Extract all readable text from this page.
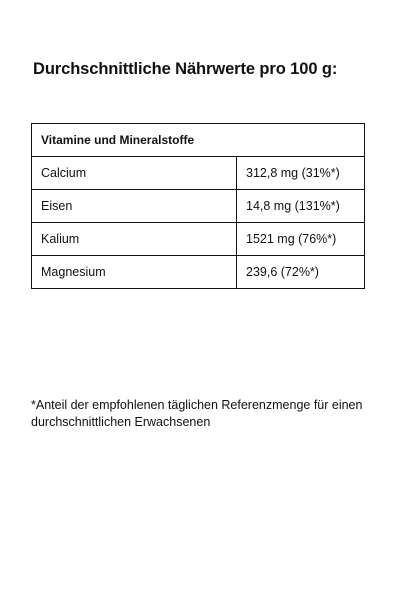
Durchschnittliche Nährwerte pro 100 g:
Vitamine und Mineralstoffe	
Calcium	312,8 mg (31%*)
Eisen	14,8 mg (131%*)
Kalium	1521 mg (76%*)
Magnesium	239,6 (72%*)

*Anteil der empfohlenen täglichen Referenzmenge für einen durchschnittlichen Erwachsenen
